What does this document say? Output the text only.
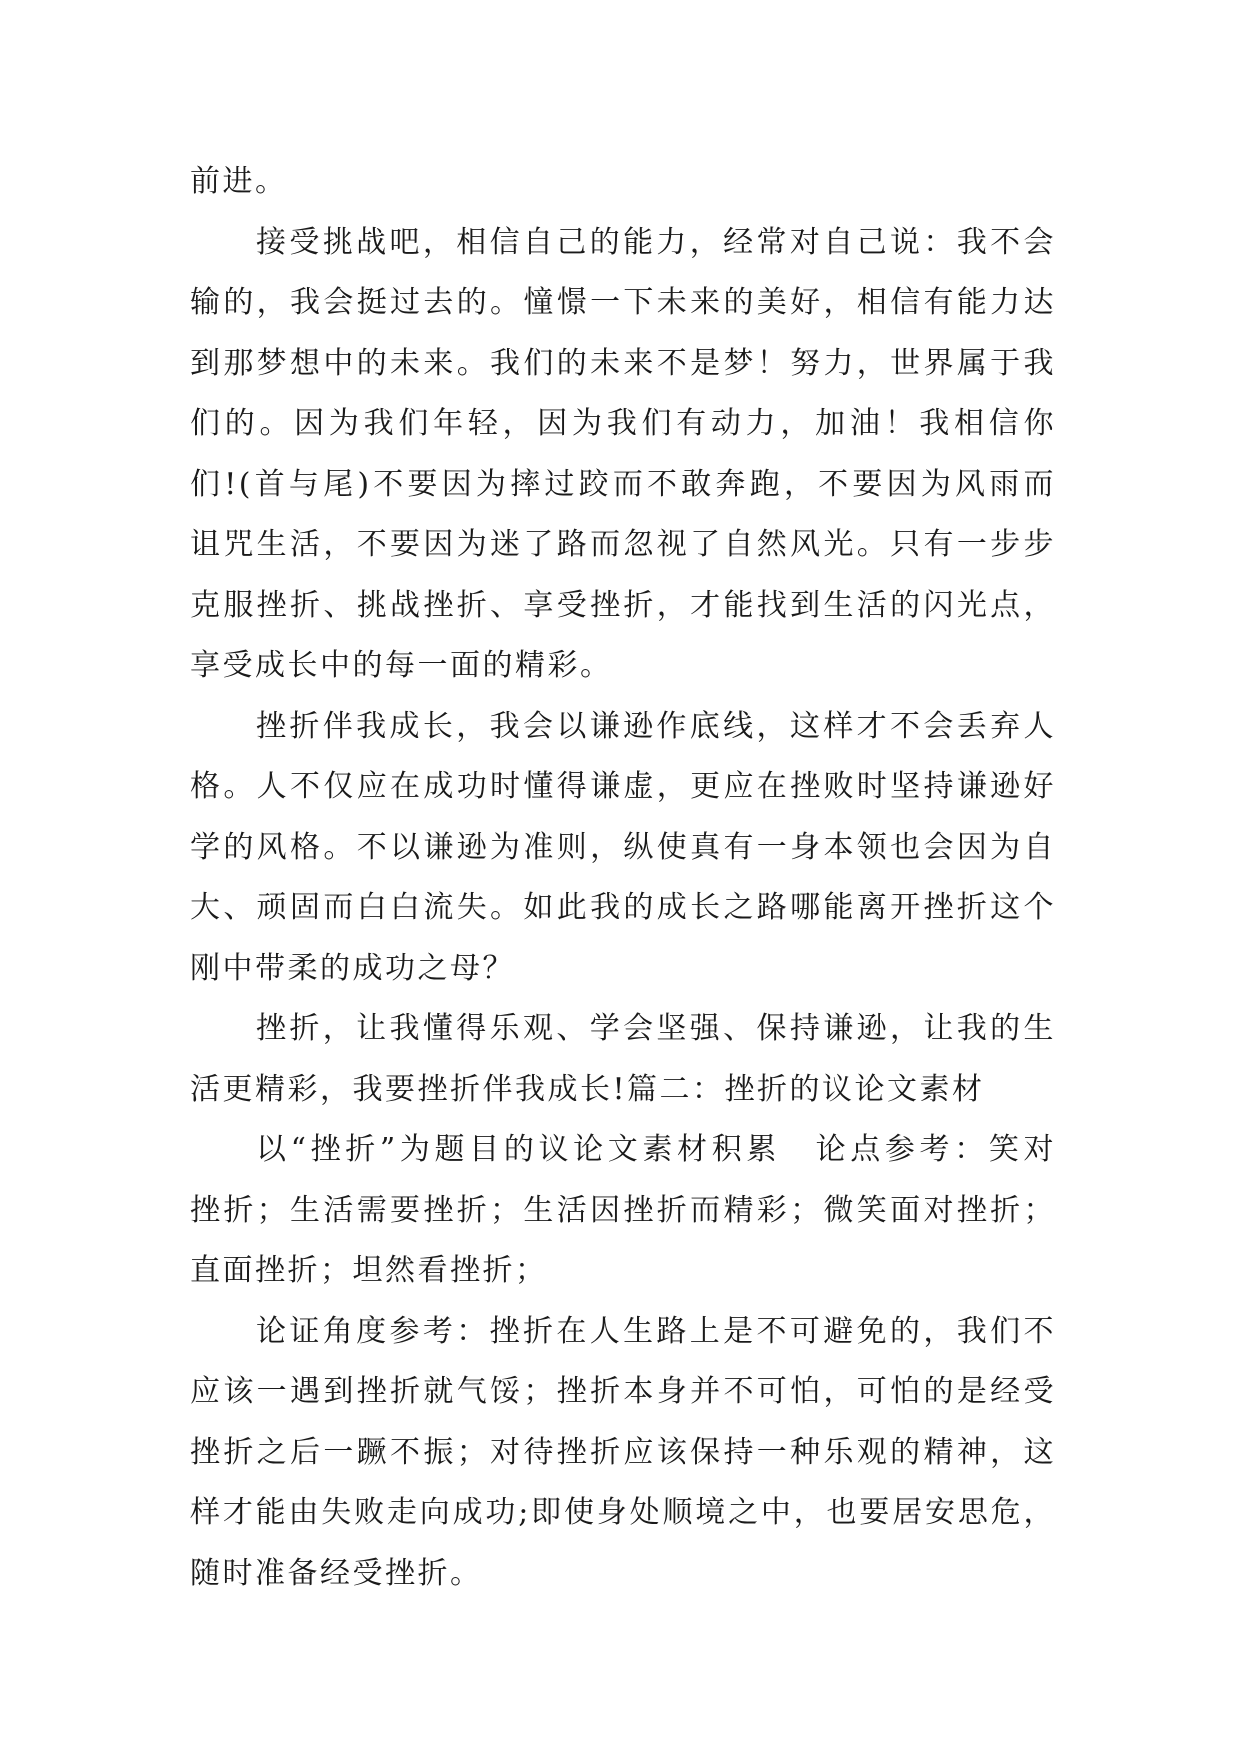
前进。
接受挑战吧，相信自己的能力，经常对自己说：我不会
输的，我会挺过去的。憧憬一下未来的美好，相信有能力达
到那梦想中的未来。我们的未来不是梦！努力，世界属于我
们的。因为我们年轻，因为我们有动力，加油！我相信你
们!(首与尾)不要因为摔过跤而不敢奔跑，不要因为风雨而
诅咒生活，不要因为迷了路而忽视了自然风光。只有一步步
克服挫折、挑战挫折、享受挫折，才能找到生活的闪光点，
享受成长中的每一面的精彩。
挫折伴我成长，我会以谦逊作底线，这样才不会丢弃人
格。人不仅应在成功时懂得谦虚，更应在挫败时坚持谦逊好
学的风格。不以谦逊为准则，纵使真有一身本领也会因为自
大、顽固而白白流失。如此我的成长之路哪能离开挫折这个
刚中带柔的成功之母？
挫折，让我懂得乐观、学会坚强、保持谦逊，让我的生
活更精彩，我要挫折伴我成长!篇二：挫折的议论文素材
以“挫折”为题目的议论文素材积累　论点参考：笑对
挫折；生活需要挫折；生活因挫折而精彩；微笑面对挫折；
直面挫折；坦然看挫折；
论证角度参考：挫折在人生路上是不可避免的，我们不
应该一遇到挫折就气馁；挫折本身并不可怕，可怕的是经受
挫折之后一蹶不振；对待挫折应该保持一种乐观的精神，这
样才能由失败走向成功;即使身处顺境之中，也要居安思危，
随时准备经受挫折。
